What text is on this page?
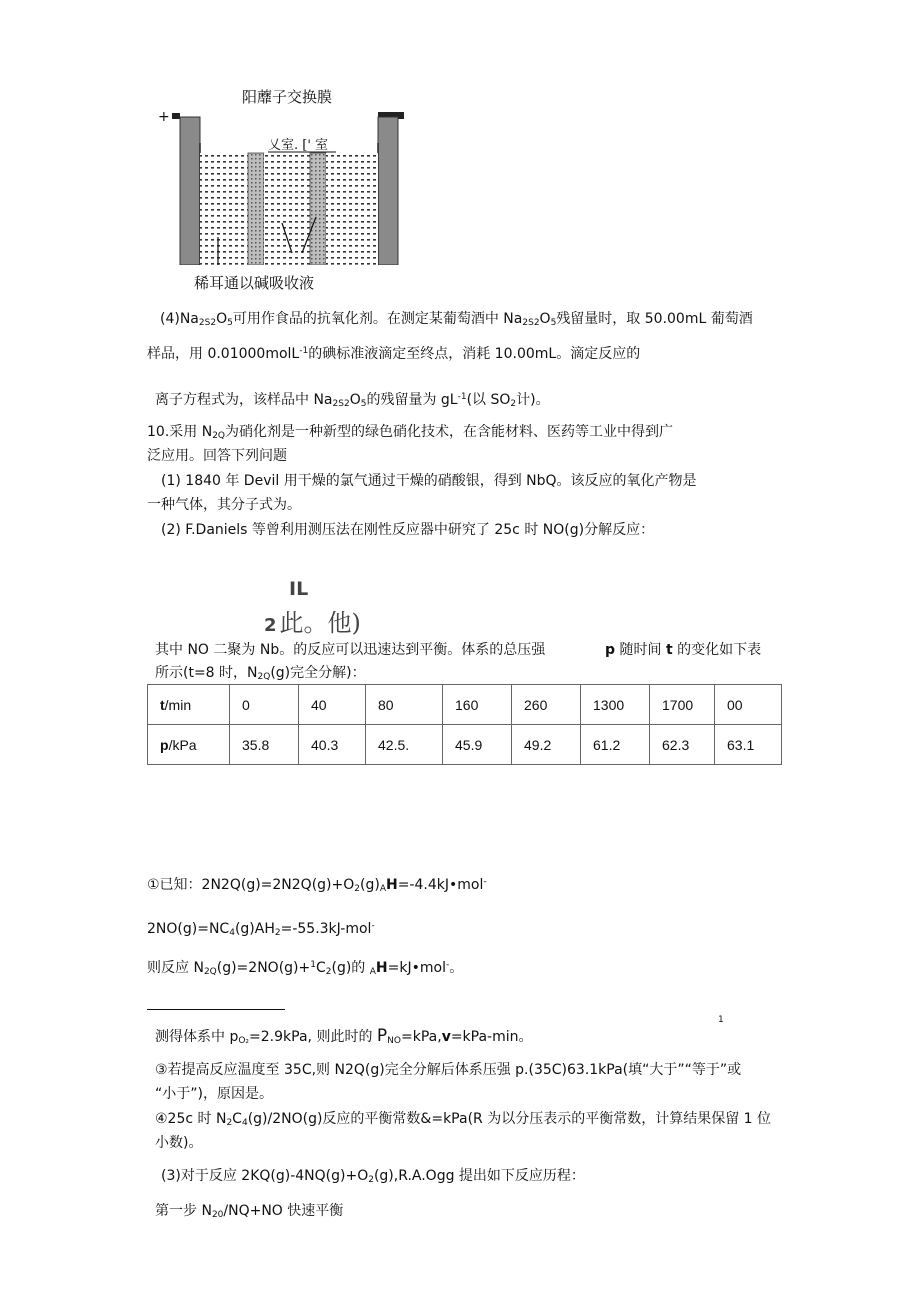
阳蘼子交换膜
+
乂室. [' 室
稀耳通以碱吸收液
$(4)Na_{2S2}O_5$可用作食品的抗氧化剂。在测定某葡萄酒中 $Na_{2S2}O_5$残留量时，取 50.00mL 葡萄酒
样品，用 0.01000molL$^{-1}$的碘标准液滴定至终点，消耗 10.00mL。滴定反应的
离子方程式为，该样品中 $Na_{2S2}O_5$的残留量为 $gL^{-1}$(以 $SO_2$计)。
10.采用 $N_{2Q}$为硝化剂是一种新型的绿色硝化技术，在含能材料、医药等工业中得到广
泛应用。回答下列问题
(1) 1840 年 Devil 用干燥的氯气通过干燥的硝酸银，得到 NbQ。该反应的氧化产物是
一种气体，其分子式为。
(2) F.Daniels 等曾利用测压法在刚性反应器中研究了 25c 时 NO(g)分解反应：
IL
2 此。他)
其中 NO 二聚为 Nb。的反应可以迅速达到平衡。体系的总压强	p 随时间 t 的变化如下表
所示(t=8 时，$N_{2Q}(g)$完全分解)：
t/min	0	40	80	160	260	1300	1700	00
p/kPa	35.8	40.3	42.5.	45.9	49.2	61.2	62.3	63.1
①已知：$2N2Q(g)=2N2Q(g)+O_2(g)_AH=-4.4kJ•mol^-$
$2NO(g)=NC_4(g)AH_2=-55.3kJ-mol^-$
则反应 $N_{2Q}(g)=2NO(g)+^1C_2(g)$的 $_A$H=kJ•mol-。
1
测得体系中 $p_{O_2}=2.9kPa$, 则此时的 $P_{NO}=kPa,v=kPa-\min$。
③若提高反应温度至 35C,则 N2Q(g)完全分解后体系压强 p.(35C)63.1kPa(填“大于”“等于”或
“小于”)，原因是。
④25c 时 $N_2C_4(g)/2NO(g)$反应的平衡常数&=kPa(R 为以分压表示的平衡常数，计算结果保留 1 位
小数)。
(3)对于反应 $2KQ(g)-4NQ(g)+O_2(g),R.A.Ogg$ 提出如下反应历程：
第一步 $N_{20}/NQ+NO$ 快速平衡
